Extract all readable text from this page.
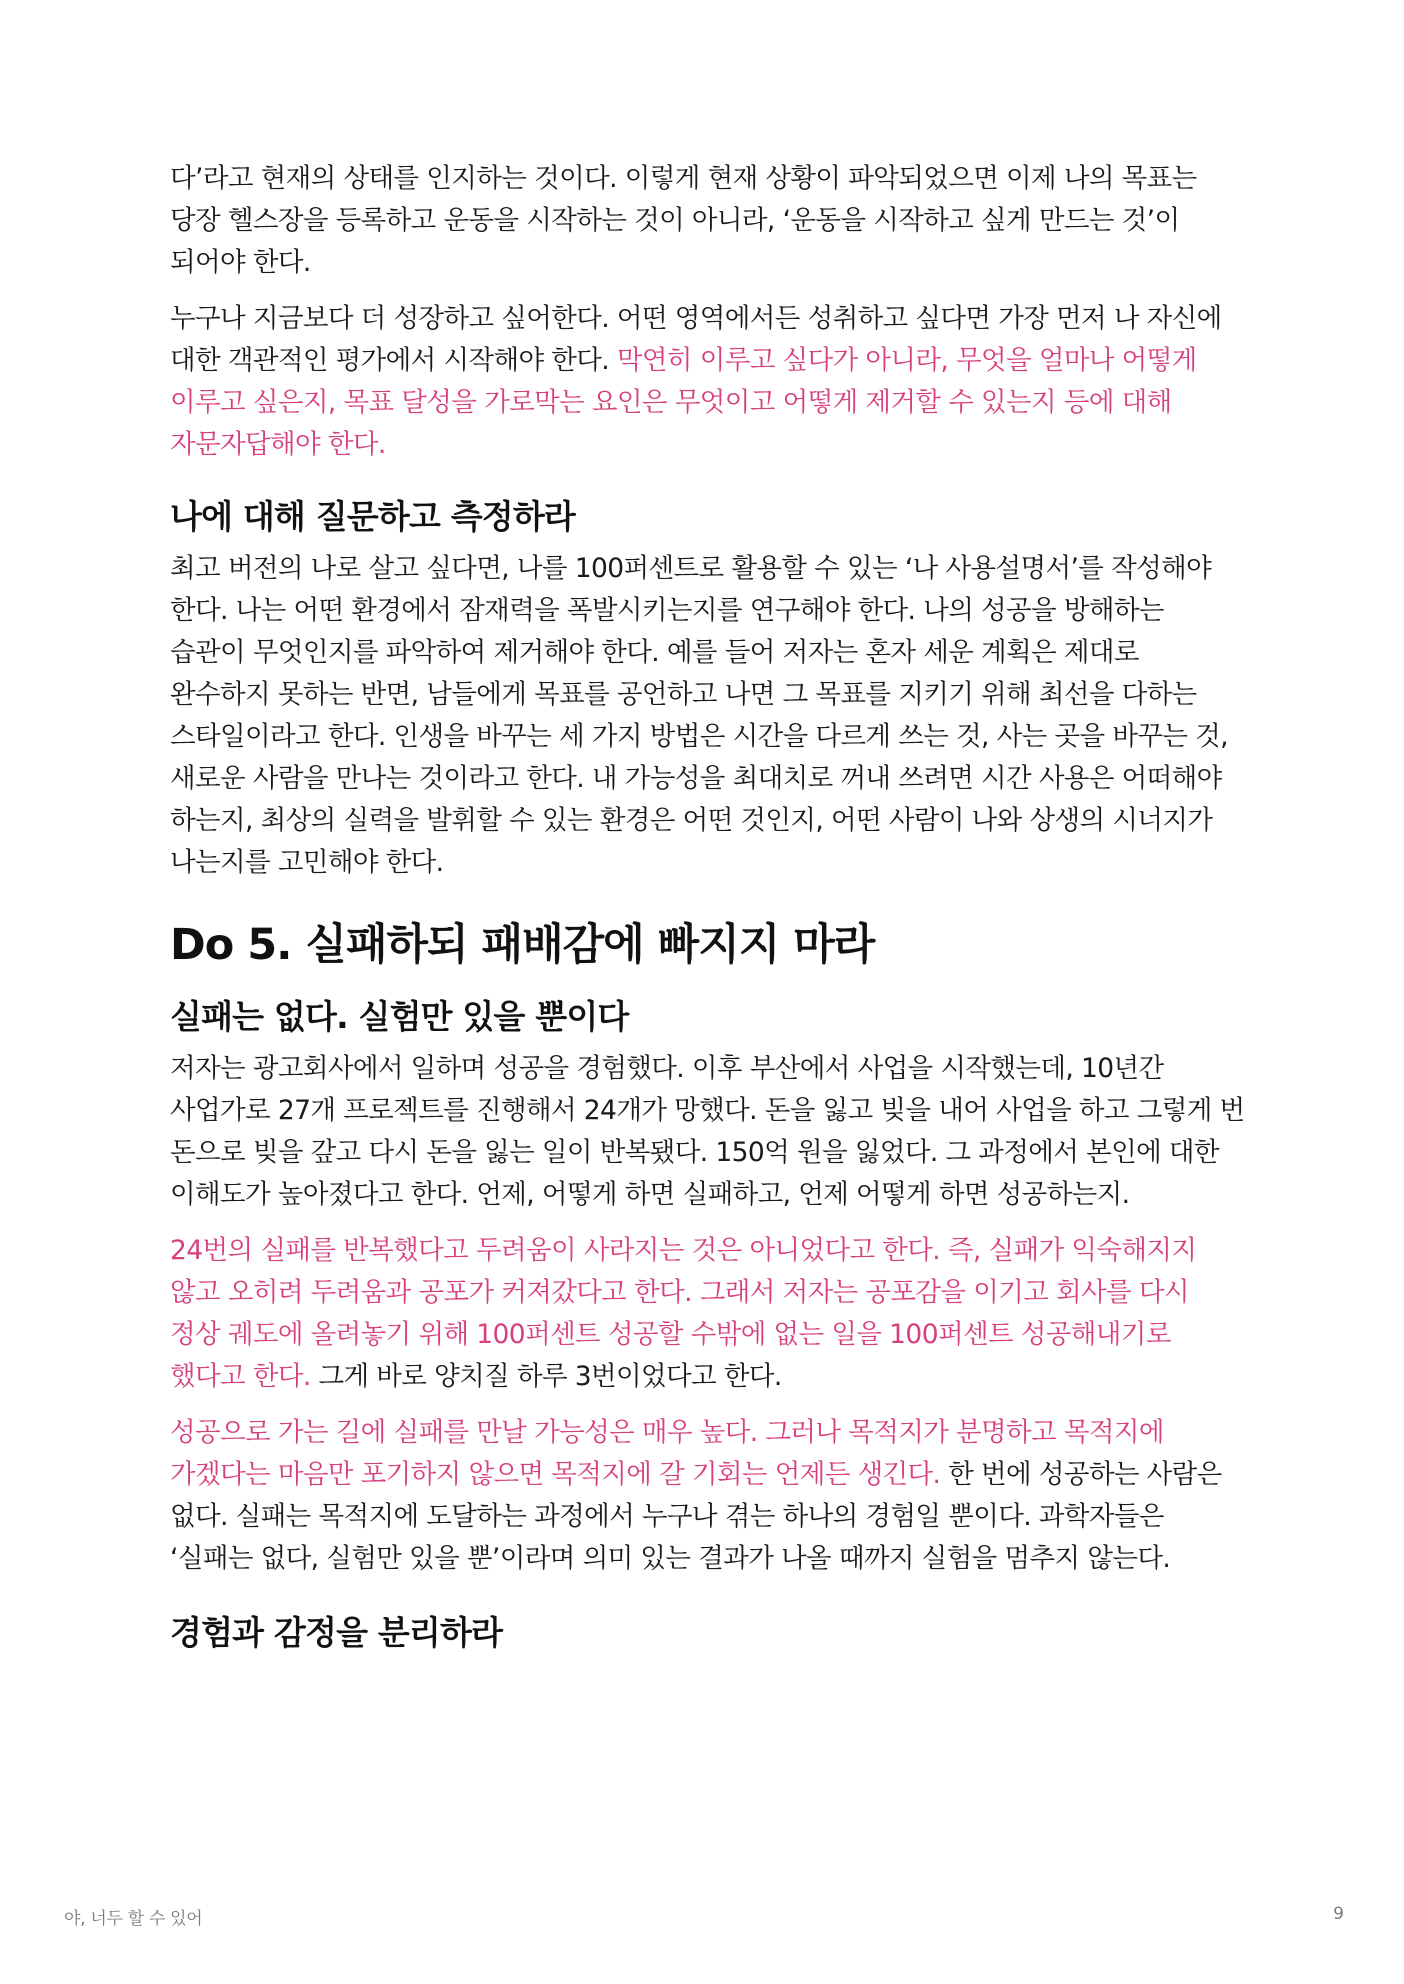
다’라고 현재의 상태를 인지하는 것이다. 이렇게 현재 상황이 파악되었으면 이제 나의 목표는 당장 헬스장을 등록하고 운동을 시작하는 것이 아니라, ‘운동을 시작하고 싶게 만드는 것’이 되어야 한다.

누구나 지금보다 더 성장하고 싶어한다. 어떤 영역에서든 성취하고 싶다면 가장 먼저 나 자신에 대한 객관적인 평가에서 시작해야 한다. 막연히 이루고 싶다가 아니라, 무엇을 얼마나 어떻게 이루고 싶은지, 목표 달성을 가로막는 요인은 무엇이고 어떻게 제거할 수 있는지 등에 대해 자문자답해야 한다.

나에 대해 질문하고 측정하라

최고 버전의 나로 살고 싶다면, 나를 100퍼센트로 활용할 수 있는 ‘나 사용설명서’를 작성해야 한다. 나는 어떤 환경에서 잠재력을 폭발시키는지를 연구해야 한다. 나의 성공을 방해하는 습관이 무엇인지를 파악하여 제거해야 한다. 예를 들어 저자는 혼자 세운 계획은 제대로 완수하지 못하는 반면, 남들에게 목표를 공언하고 나면 그 목표를 지키기 위해 최선을 다하는 스타일이라고 한다. 인생을 바꾸는 세 가지 방법은 시간을 다르게 쓰는 것, 사는 곳을 바꾸는 것, 새로운 사람을 만나는 것이라고 한다. 내 가능성을 최대치로 꺼내 쓰려면 시간 사용은 어떠해야 하는지, 최상의 실력을 발휘할 수 있는 환경은 어떤 것인지, 어떤 사람이 나와 상생의 시너지가 나는지를 고민해야 한다.

Do 5. 실패하되 패배감에 빠지지 마라
실패는 없다. 실험만 있을 뿐이다

저자는 광고회사에서 일하며 성공을 경험했다. 이후 부산에서 사업을 시작했는데, 10년간 사업가로 27개 프로젝트를 진행해서 24개가 망했다. 돈을 잃고 빚을 내어 사업을 하고 그렇게 번 돈으로 빚을 갚고 다시 돈을 잃는 일이 반복됐다. 150억 원을 잃었다. 그 과정에서 본인에 대한 이해도가 높아졌다고 한다. 언제, 어떻게 하면 실패하고, 언제 어떻게 하면 성공하는지.

24번의 실패를 반복했다고 두려움이 사라지는 것은 아니었다고 한다. 즉, 실패가 익숙해지지 않고 오히려 두려움과 공포가 커져갔다고 한다. 그래서 저자는 공포감을 이기고 회사를 다시 정상 궤도에 올려놓기 위해 100퍼센트 성공할 수밖에 없는 일을 100퍼센트 성공해내기로 했다고 한다. 그게 바로 양치질 하루 3번이었다고 한다.

성공으로 가는 길에 실패를 만날 가능성은 매우 높다. 그러나 목적지가 분명하고 목적지에 가겠다는 마음만 포기하지 않으면 목적지에 갈 기회는 언제든 생긴다. 한 번에 성공하는 사람은 없다. 실패는 목적지에 도달하는 과정에서 누구나 겪는 하나의 경험일 뿐이다. 과학자들은 ‘실패는 없다, 실험만 있을 뿐’이라며 의미 있는 결과가 나올 때까지 실험을 멈추지 않는다.

경험과 감정을 분리하라
야, 너두 할 수 있어	9
